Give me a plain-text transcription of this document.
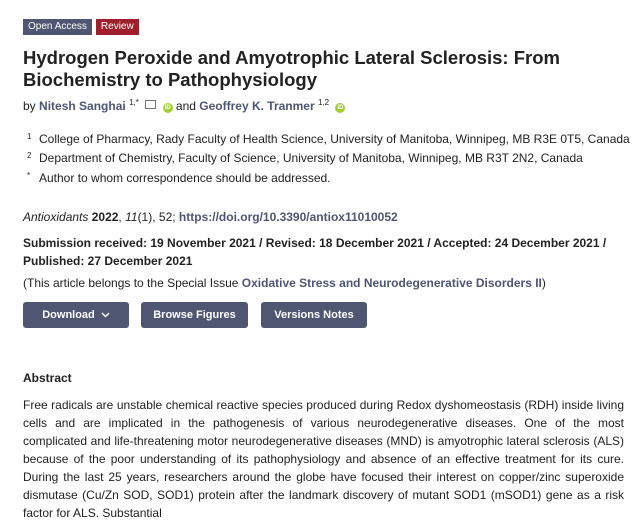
Open Access	Review
Hydrogen Peroxide and Amyotrophic Lateral Sclerosis: From Biochemistry to Pathophysiology
by Nitesh Sanghai $^{1,*}$  iD and Geoffrey K. Tranmer $^{1,2}$ iD
1 College of Pharmacy, Rady Faculty of Health Science, University of Manitoba, Winnipeg, MB R3E 0T5, Canada
2 Department of Chemistry, Faculty of Science, University of Manitoba, Winnipeg, MB R3T 2N2, Canada
* Author to whom correspondence should be addressed.
Antioxidants 2022, 11(1), 52; https://doi.org/10.3390/antiox11010052

Submission received: 19 November 2021 / Revised: 18 December 2021 / Accepted: 24 December 2021 / Published: 27 December 2021

(This article belongs to the Special Issue Oxidative Stress and Neurodegenerative Disorders II)
Download	Browse Figures	Versions Notes
Abstract

Free radicals are unstable chemical reactive species produced during Redox dyshomeostasis (RDH) inside living cells and are implicated in the pathogenesis of various neurodegenerative diseases. One of the most complicated and life-threatening motor neurodegenerative diseases (MND) is amyotrophic lateral sclerosis (ALS) because of the poor understanding of its pathophysiology and absence of an effective treatment for its cure. During the last 25 years, researchers around the globe have focused their interest on copper/zinc superoxide dismutase (Cu/Zn SOD, SOD1) protein after the landmark discovery of mutant SOD1 (mSOD1) gene as a risk factor for ALS. Substantial
